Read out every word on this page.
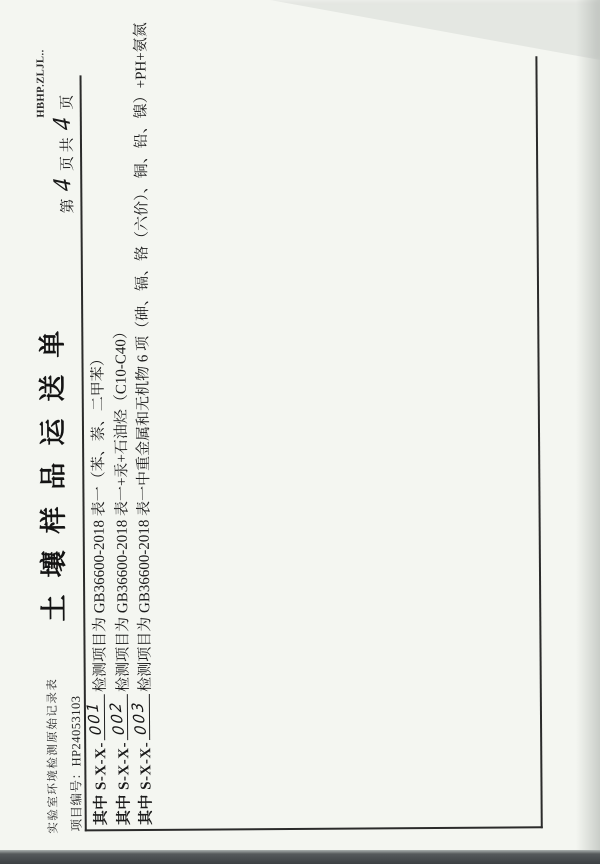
实验室环境检测原始记录表 项目编号：HP24053103
土壤样品运送单
HBHP.ZLJL..
第 4 页 共 4 页
其中 S-X-X-
001
检测项目为 GB36600-2018 表一（苯、萘、二甲苯）
其中 S-X-X-
002
检测项目为 GB36600-2018 表一+汞+石油烃（C10-C40）
其中 S-X-X-
003
检测项目为 GB36600-2018 表一中重金属和无机物 6 项（砷、镉、铬（六价）、铜、铅、镍）+PH+氨氮
